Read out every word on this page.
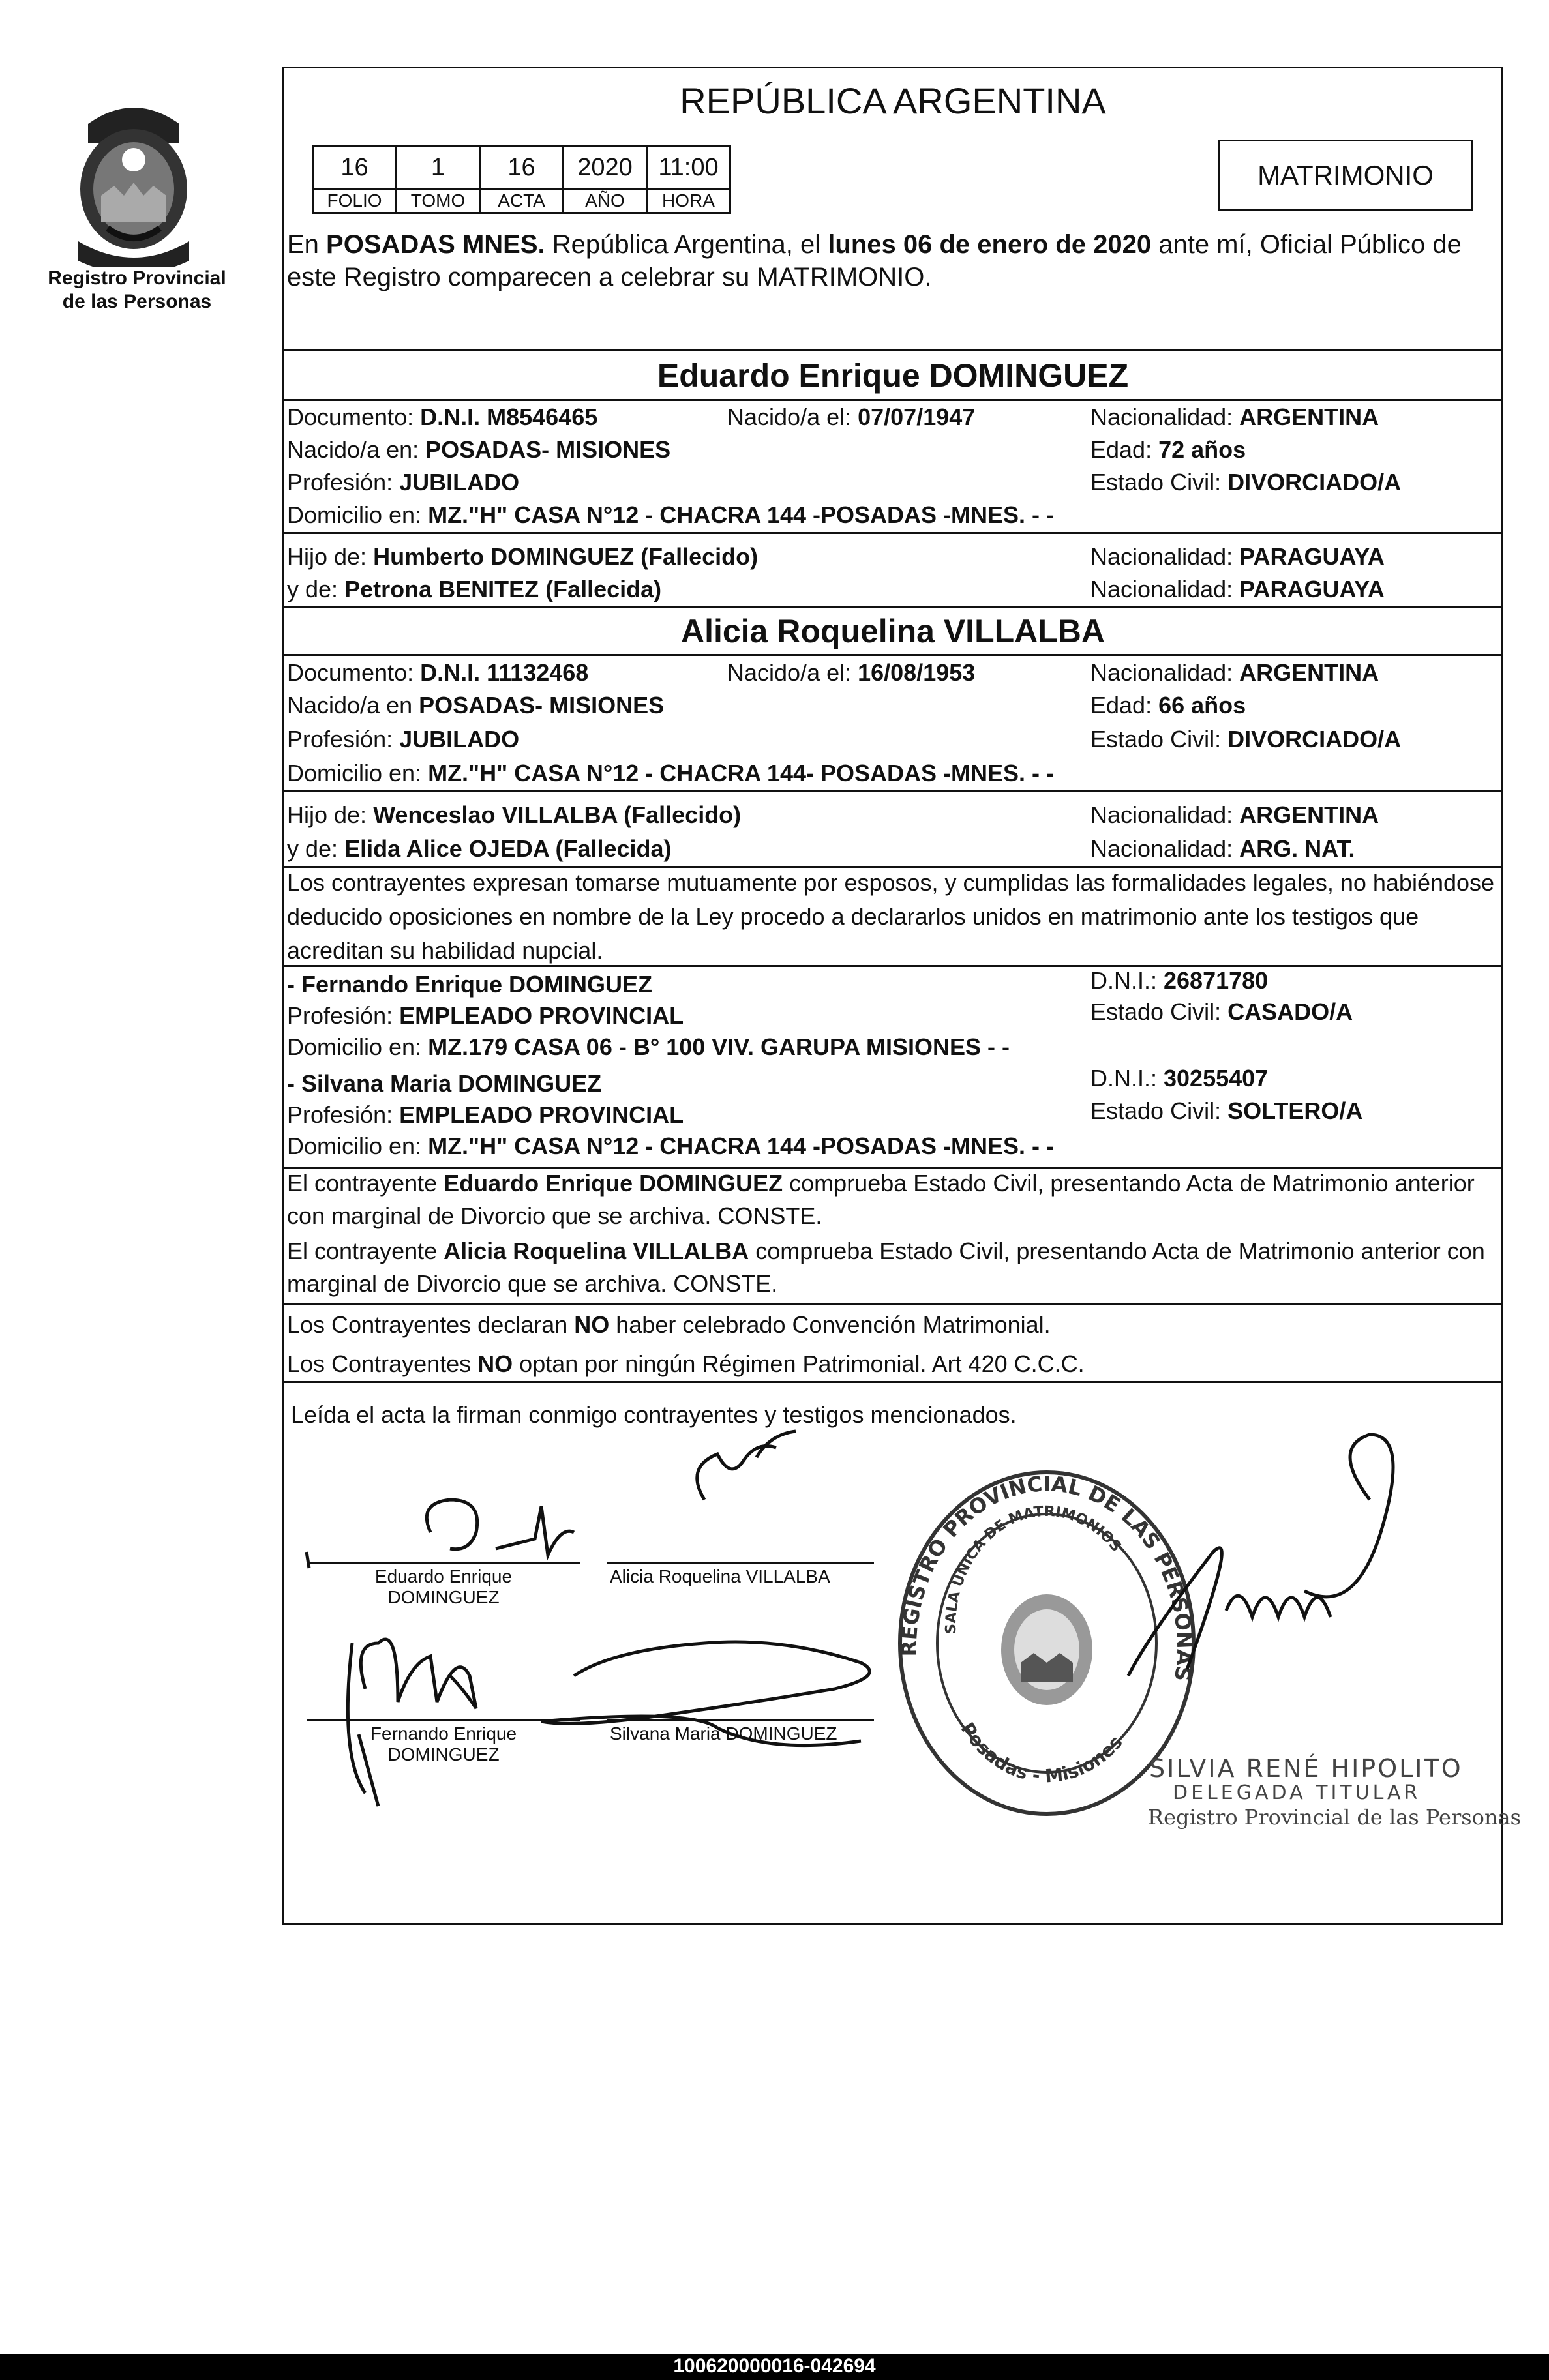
Registro Provincial
de las Personas
REPÚBLICA ARGENTINA
16	1	16	2020	11:00
FOLIO	TOMO	ACTA	AÑO	HORA
MATRIMONIO
En POSADAS MNES. República Argentina, el lunes 06 de enero de 2020 ante mí, Oficial Público de este Registro comparecen a celebrar su MATRIMONIO.
Eduardo Enrique DOMINGUEZ
Documento: D.N.I. M8546465	Nacido/a el: 07/07/1947	Nacionalidad: ARGENTINA
Nacido/a en: POSADAS- MISIONES	Edad: 72 años
Profesión: JUBILADO	Estado Civil: DIVORCIADO/A
Domicilio en: MZ."H" CASA N°12 - CHACRA 144 -POSADAS -MNES. - -
Hijo de: Humberto DOMINGUEZ (Fallecido)	Nacionalidad: PARAGUAYA
y de: Petrona BENITEZ (Fallecida)	Nacionalidad: PARAGUAYA
Alicia Roquelina VILLALBA
Documento: D.N.I. 11132468	Nacido/a el: 16/08/1953	Nacionalidad: ARGENTINA
Nacido/a en POSADAS- MISIONES	Edad: 66 años
Profesión: JUBILADO	Estado Civil: DIVORCIADO/A
Domicilio en: MZ."H" CASA N°12 - CHACRA 144- POSADAS -MNES. - -
Hijo de: Wenceslao VILLALBA (Fallecido)	Nacionalidad: ARGENTINA
y de: Elida Alice OJEDA (Fallecida)	Nacionalidad: ARG. NAT.
Los contrayentes expresan tomarse mutuamente por esposos, y cumplidas las formalidades legales, no habiéndose deducido oposiciones en nombre de la Ley procedo a declararlos unidos en matrimonio ante los testigos que acreditan su habilidad nupcial.
- Fernando Enrique DOMINGUEZ	D.N.I.: 26871780
Profesión: EMPLEADO PROVINCIAL	Estado Civil: CASADO/A
Domicilio en: MZ.179 CASA 06 - B° 100 VIV. GARUPA MISIONES - -
- Silvana Maria DOMINGUEZ	D.N.I.: 30255407
Profesión: EMPLEADO PROVINCIAL	Estado Civil: SOLTERO/A
Domicilio en: MZ."H" CASA N°12 - CHACRA 144 -POSADAS -MNES. - -
El contrayente Eduardo Enrique DOMINGUEZ comprueba Estado Civil, presentando Acta de Matrimonio anterior con marginal de Divorcio que se archiva. CONSTE.
El contrayente Alicia Roquelina VILLALBA comprueba Estado Civil, presentando Acta de Matrimonio anterior con marginal de Divorcio que se archiva. CONSTE.
Los Contrayentes declaran NO haber celebrado Convención Matrimonial.
Los Contrayentes NO optan por ningún Régimen Patrimonial. Art 420 C.C.C.
Leída el acta la firman conmigo contrayentes y testigos mencionados.
Eduardo Enrique
DOMINGUEZ
Alicia Roquelina VILLALBA
Fernando Enrique
DOMINGUEZ
Silvana Maria DOMINGUEZ
REGISTRO PROVINCIAL DE LAS PERSONAS
SALA ÚNICA DE MATRIMONIOS
Posadas - Misiones
SILVIA RENÉ HIPOLITO
DELEGADA TITULAR
Registro Provincial de las Personas
100620000016-042694
